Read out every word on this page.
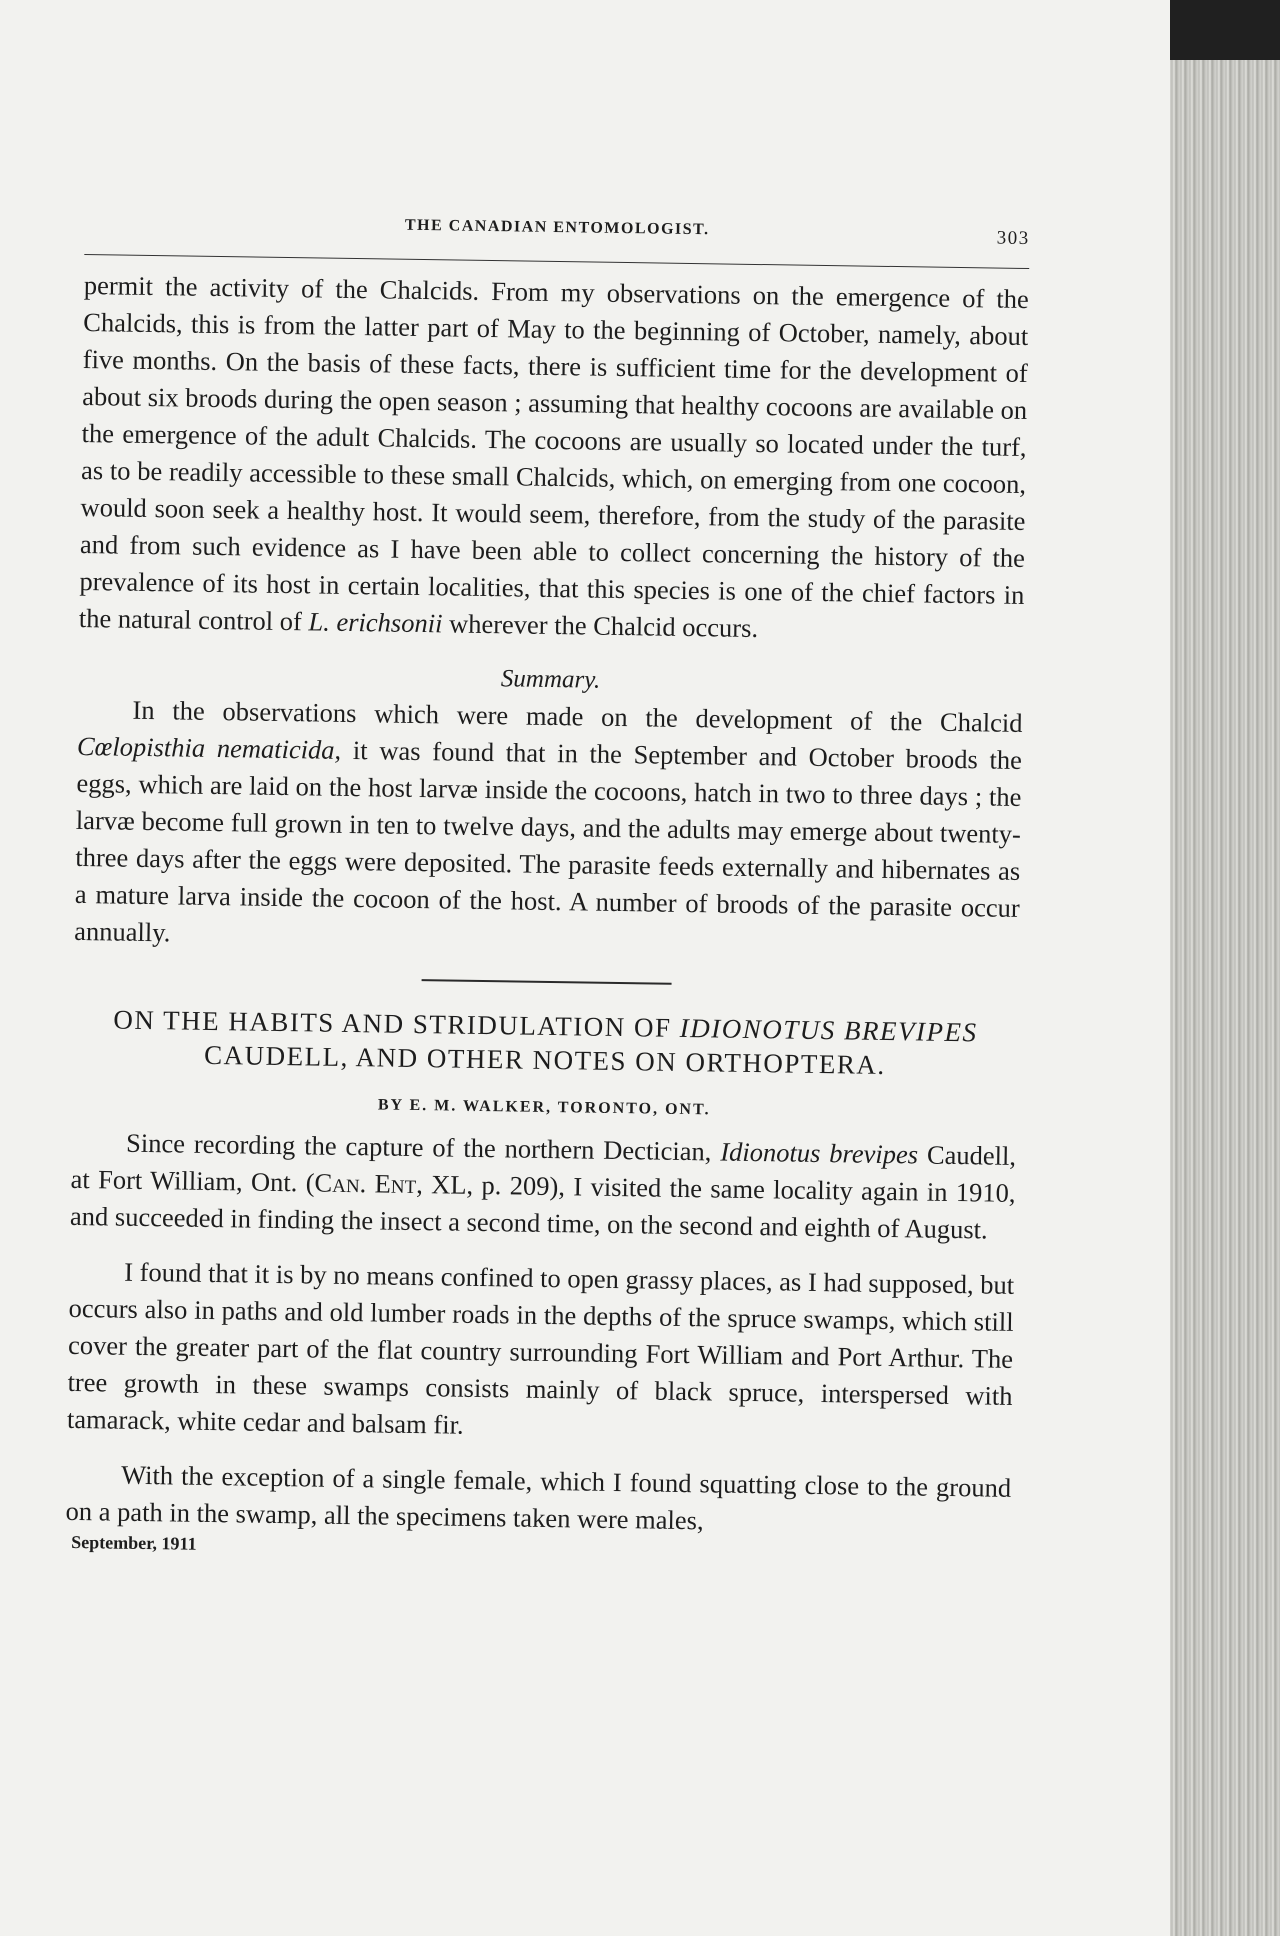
THE CANADIAN ENTOMOLOGIST.
303

permit the activity of the Chalcids. From my observations on the emergence of the Chalcids, this is from the latter part of May to the beginning of October, namely, about five months. On the basis of these facts, there is sufficient time for the development of about six broods during the open season ; assuming that healthy cocoons are available on the emergence of the adult Chalcids. The cocoons are usually so located under the turf, as to be readily accessible to these small Chalcids, which, on emerging from one cocoon, would soon seek a healthy host. It would seem, therefore, from the study of the parasite and from such evidence as I have been able to collect concerning the history of the prevalence of its host in certain localities, that this species is one of the chief factors in the natural control of L. erichsonii wherever the Chalcid occurs.

Summary.

In the observations which were made on the development of the Chalcid Cœlopisthia nematicida, it was found that in the September and October broods the eggs, which are laid on the host larvæ inside the cocoons, hatch in two to three days ; the larvæ become full grown in ten to twelve days, and the adults may emerge about twenty-three days after the eggs were deposited. The parasite feeds externally and hibernates as a mature larva inside the cocoon of the host. A number of broods of the parasite occur annually.

ON THE HABITS AND STRIDULATION OF IDIONOTUS BREVIPES CAUDELL, AND OTHER NOTES ON ORTHOPTERA.
BY E. M. WALKER, TORONTO, ONT.

Since recording the capture of the northern Dectician, Idionotus brevipes Caudell, at Fort William, Ont. (Can. Ent, XL, p. 209), I visited the same locality again in 1910, and succeeded in finding the insect a second time, on the second and eighth of August.

I found that it is by no means confined to open grassy places, as I had supposed, but occurs also in paths and old lumber roads in the depths of the spruce swamps, which still cover the greater part of the flat country surrounding Fort William and Port Arthur. The tree growth in these swamps consists mainly of black spruce, interspersed with tamarack, white cedar and balsam fir.

With the exception of a single female, which I found squatting close to the ground on a path in the swamp, all the specimens taken were males,

September, 1911
